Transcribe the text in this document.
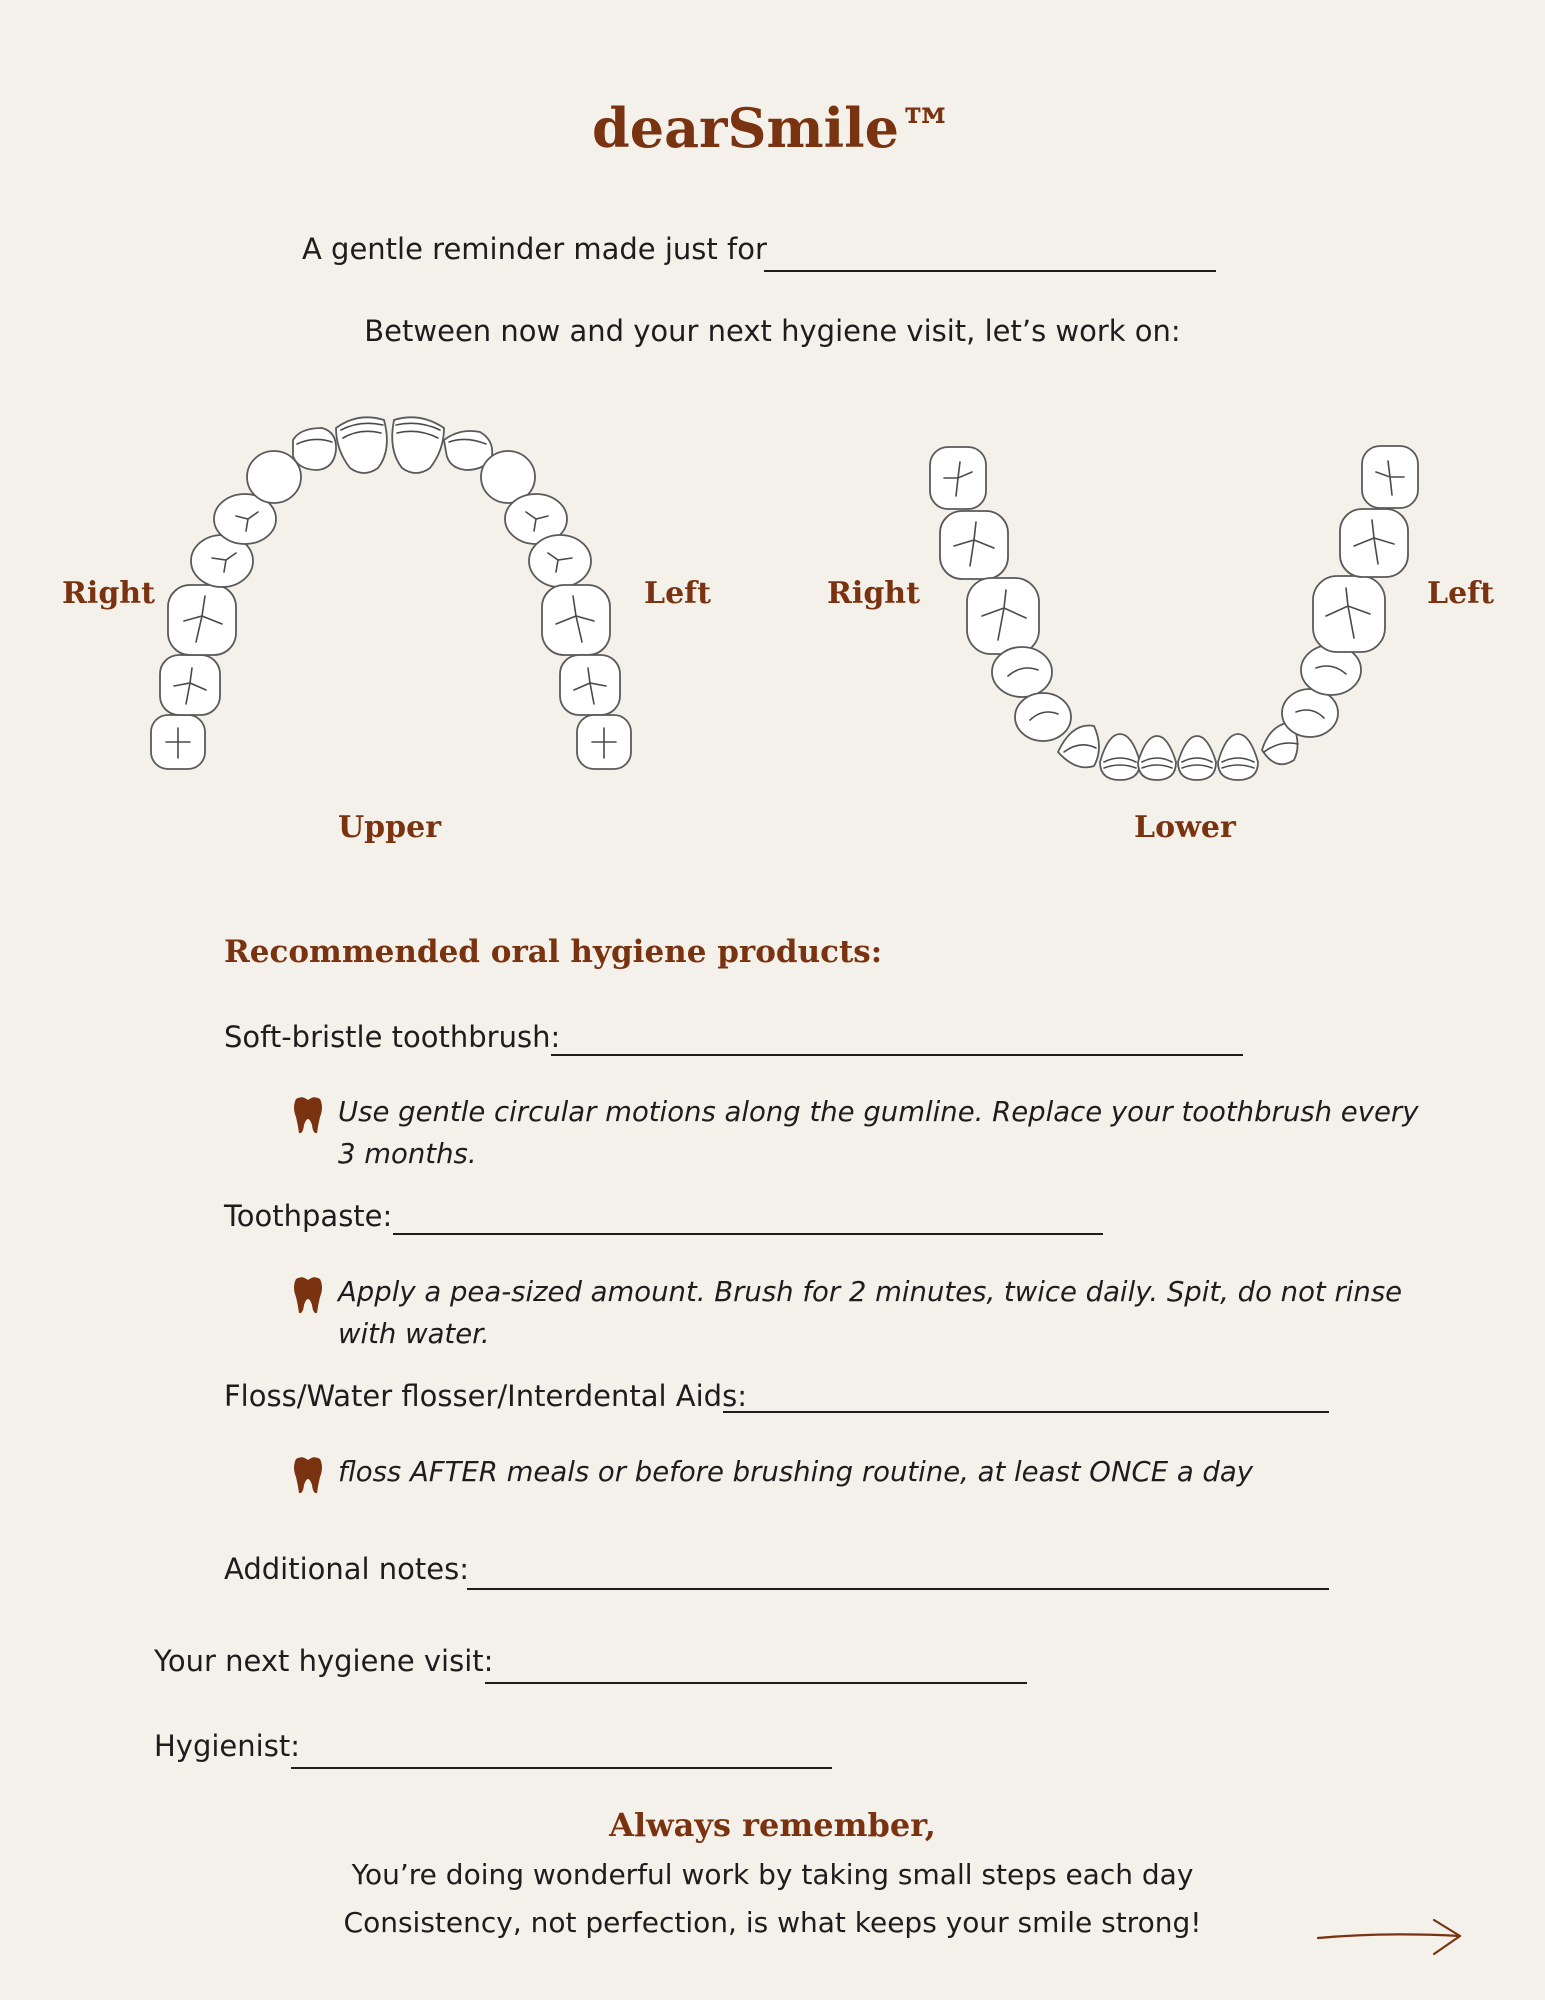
dearSmile™
A gentle reminder made just for
Between now and your next hygiene visit, let’s work on:
Right	Left
Upper
Right	Left
Lower
Recommended oral hygiene products:
Soft-bristle toothbrush:
Use gentle circular motions along the gumline. Replace your toothbrush every 3 months.
Toothpaste:
Apply a pea-sized amount. Brush for 2 minutes, twice daily. Spit, do not rinse with water.
Floss/Water flosser/Interdental Aids:
floss AFTER meals or before brushing routine, at least ONCE a day
Additional notes:
Your next hygiene visit:
Hygienist:
Always remember,
You’re doing wonderful work by taking small steps each day
Consistency, not perfection, is what keeps your smile strong!
